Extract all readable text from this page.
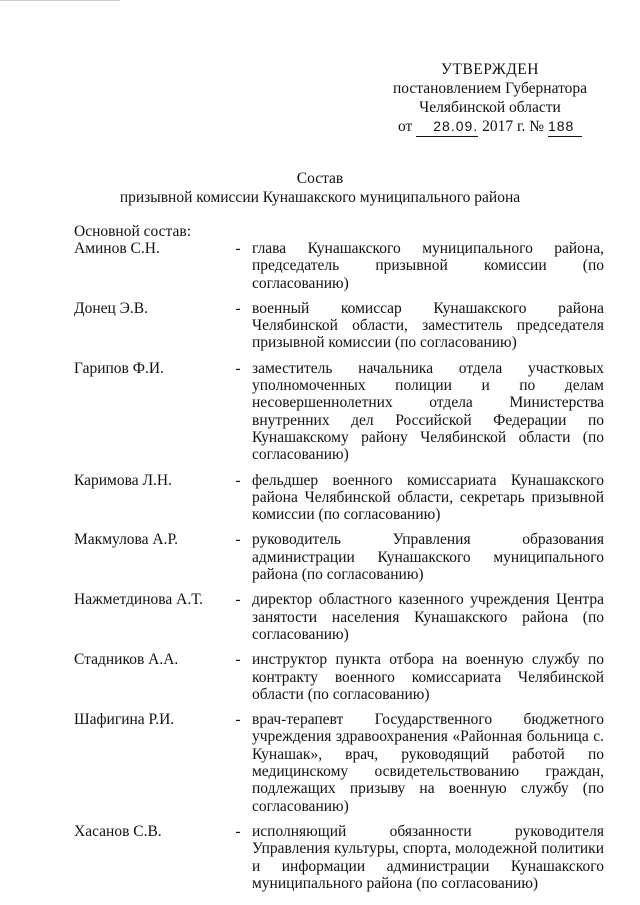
УТВЕРЖДЕН
постановлением Губернатора
Челябинской области
от 28.09. 2017 г. № 188
Состав
призывной комиссии Кунашакского муниципального района
Основной состав:
Аминов С.Н.	- глава Кунашакского муниципального района, председатель призывной комиссии (по согласованию)
Донец Э.В.	- военный комиссар Кунашакского района Челябинской области, заместитель председателя призывной комиссии (по согласованию)
Гарипов Ф.И.	- заместитель начальника отдела участковых уполномоченных полиции и по делам несовершеннолетних отдела Министерства внутренних дел Российской Федерации по Кунашакскому району Челябинской области (по согласованию)
Каримова Л.Н.	- фельдшер военного комиссариата Кунашакского района Челябинской области, секретарь призывной комиссии (по согласованию)
Макмулова А.Р.	- руководитель Управления образования администрации Кунашакского муниципального района (по согласованию)
Нажметдинова А.Т.	- директор областного казенного учреждения Центра занятости населения Кунашакского района (по согласованию)
Стадников А.А.	- инструктор пункта отбора на военную службу по контракту военного комиссариата Челябинской области (по согласованию)
Шафигина Р.И.	- врач-терапевт Государственного бюджетного учреждения здравоохранения «Районная больница с. Кунашак», врач, руководящий работой по медицинскому освидетельствованию граждан, подлежащих призыву на военную службу (по согласованию)
Хасанов С.В.	- исполняющий обязанности руководителя Управления культуры, спорта, молодежной политики и информации администрации Кунашакского муниципального района (по согласованию)
